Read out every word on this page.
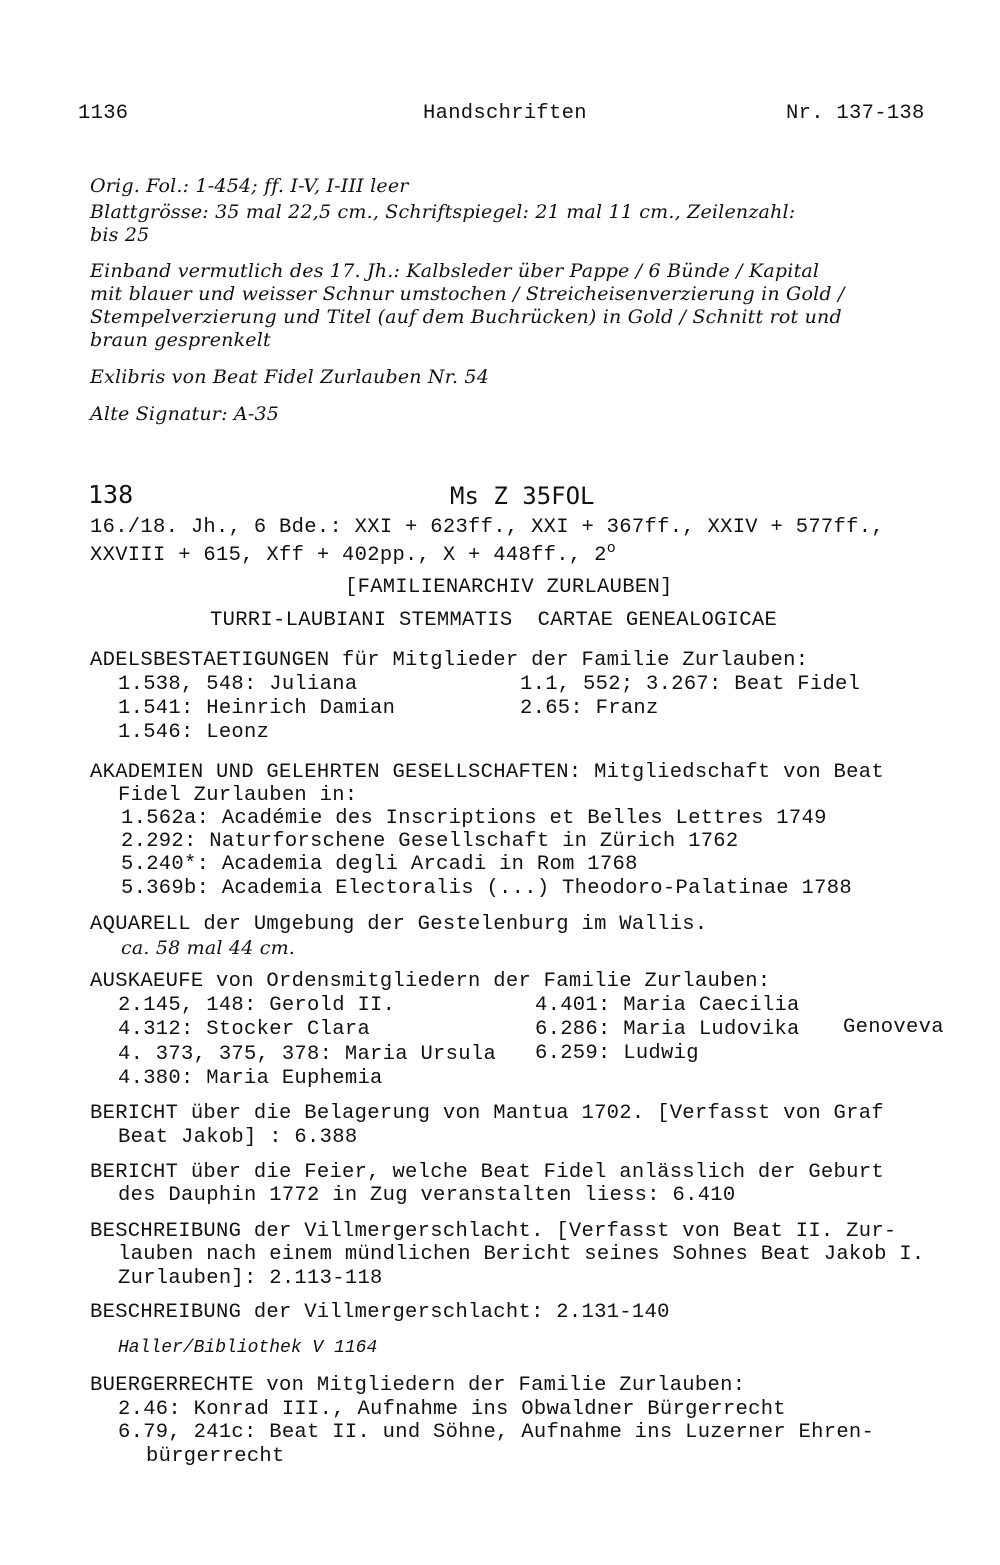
1136	Handschriften	Nr. 137-138
Orig. Fol.: 1-454; ff. I-V, I-III leer
Blattgrösse: 35 mal 22,5 cm., Schriftspiegel: 21 mal 11 cm., Zeilenzahl:
bis 25
Einband vermutlich des 17. Jh.: Kalbsleder über Pappe / 6 Bünde / Kapital
mit blauer und weisser Schnur umstochen / Streicheisenverzierung in Gold /
Stempelverzierung und Titel (auf dem Buchrücken) in Gold / Schnitt rot und
braun gesprenkelt
Exlibris von Beat Fidel Zurlauben Nr. 54
Alte Signatur: A-35
138	Ms Z 35FOL
16./18. Jh., 6 Bde.: XXI + 623ff., XXI + 367ff., XXIV + 577ff.,
XXVIII + 615, Xff + 402pp., X + 448ff., 2$^o$
[FAMILIENARCHIV ZURLAUBEN]
TURRI-LAUBIANI STEMMATIS  CARTAE GENEALOGICAE
ADELSBESTAETIGUNGEN für Mitglieder der Familie Zurlauben:
1.538, 548: Juliana	1.1, 552; 3.267: Beat Fidel
1.541: Heinrich Damian	2.65: Franz
1.546: Leonz
AKADEMIEN UND GELEHRTEN GESELLSCHAFTEN: Mitgliedschaft von Beat
Fidel Zurlauben in:
1.562a: Académie des Inscriptions et Belles Lettres 1749
2.292: Naturforschene Gesellschaft in Zürich 1762
5.240*: Academia degli Arcadi in Rom 1768
5.369b: Academia Electoralis (...) Theodoro-Palatinae 1788
AQUARELL der Umgebung der Gestelenburg im Wallis.
ca. 58 mal 44 cm.
AUSKAEUFE von Ordensmitgliedern der Familie Zurlauben:
2.145, 148: Gerold II.	4.401: Maria Caecilia
4.312: Stocker Clara	6.286: Maria Ludovika Genoveva
4. 373, 375, 378: Maria Ursula 6.259: Ludwig
4.380: Maria Euphemia
BERICHT über die Belagerung von Mantua 1702. [Verfasst von Graf
Beat Jakob] : 6.388
BERICHT über die Feier, welche Beat Fidel anlässlich der Geburt
des Dauphin 1772 in Zug veranstalten liess: 6.410
BESCHREIBUNG der Villmergerschlacht. [Verfasst von Beat II. Zur-
lauben nach einem mündlichen Bericht seines Sohnes Beat Jakob I.
Zurlauben]: 2.113-118
BESCHREIBUNG der Villmergerschlacht: 2.131-140
Haller/Bibliothek V 1164
BUERGERRECHTE von Mitgliedern der Familie Zurlauben:
2.46: Konrad III., Aufnahme ins Obwaldner Bürgerrecht
6.79, 241c: Beat II. und Söhne, Aufnahme ins Luzerner Ehren-
bürgerrecht
